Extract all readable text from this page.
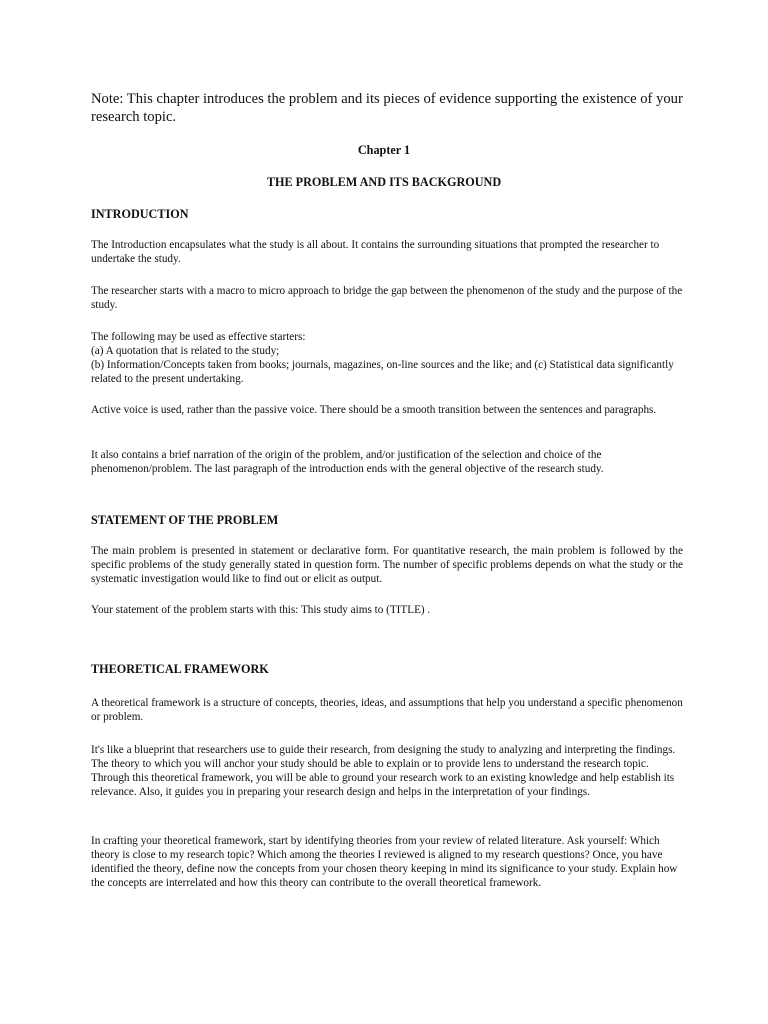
Note: This chapter introduces the problem and its pieces of evidence supporting the existence of your research topic.

Chapter 1

THE PROBLEM AND ITS BACKGROUND

INTRODUCTION

The Introduction encapsulates what the study is all about. It contains the surrounding situations that prompted the researcher to undertake the study.

The researcher starts with a macro to micro approach to bridge the gap between the phenomenon of the study and the purpose of the study.

The following may be used as effective starters:
(a) A quotation that is related to the study;
(b) Information/Concepts taken from books; journals, magazines, on-line sources and the like; and (c) Statistical data significantly related to the present undertaking.

Active voice is used, rather than the passive voice. There should be a smooth transition between the sentences and paragraphs.

It also contains a brief narration of the origin of the problem, and/or justification of the selection and choice of the phenomenon/problem. The last paragraph of the introduction ends with the general objective of the research study.

STATEMENT OF THE PROBLEM

The main problem is presented in statement or declarative form. For quantitative research, the main problem is followed by the specific problems of the study generally stated in question form. The number of specific problems depends on what the study or the systematic investigation would like to find out or elicit as output.

Your statement of the problem starts with this: This study aims to (TITLE) .

THEORETICAL FRAMEWORK

A theoretical framework is a structure of concepts, theories, ideas, and assumptions that help you understand a specific phenomenon or problem.

It's like a blueprint that researchers use to guide their research, from designing the study to analyzing and interpreting the findings. The theory to which you will anchor your study should be able to explain or to provide lens to understand the research topic. Through this theoretical framework, you will be able to ground your research work to an existing knowledge and help establish its relevance. Also, it guides you in preparing your research design and helps in the interpretation of your findings.

In crafting your theoretical framework, start by identifying theories from your review of related literature. Ask yourself: Which theory is close to my research topic? Which among the theories I reviewed is aligned to my research questions? Once, you have identified the theory, define now the concepts from your chosen theory keeping in mind its significance to your study. Explain how the concepts are interrelated and how this theory can contribute to the overall theoretical framework.
